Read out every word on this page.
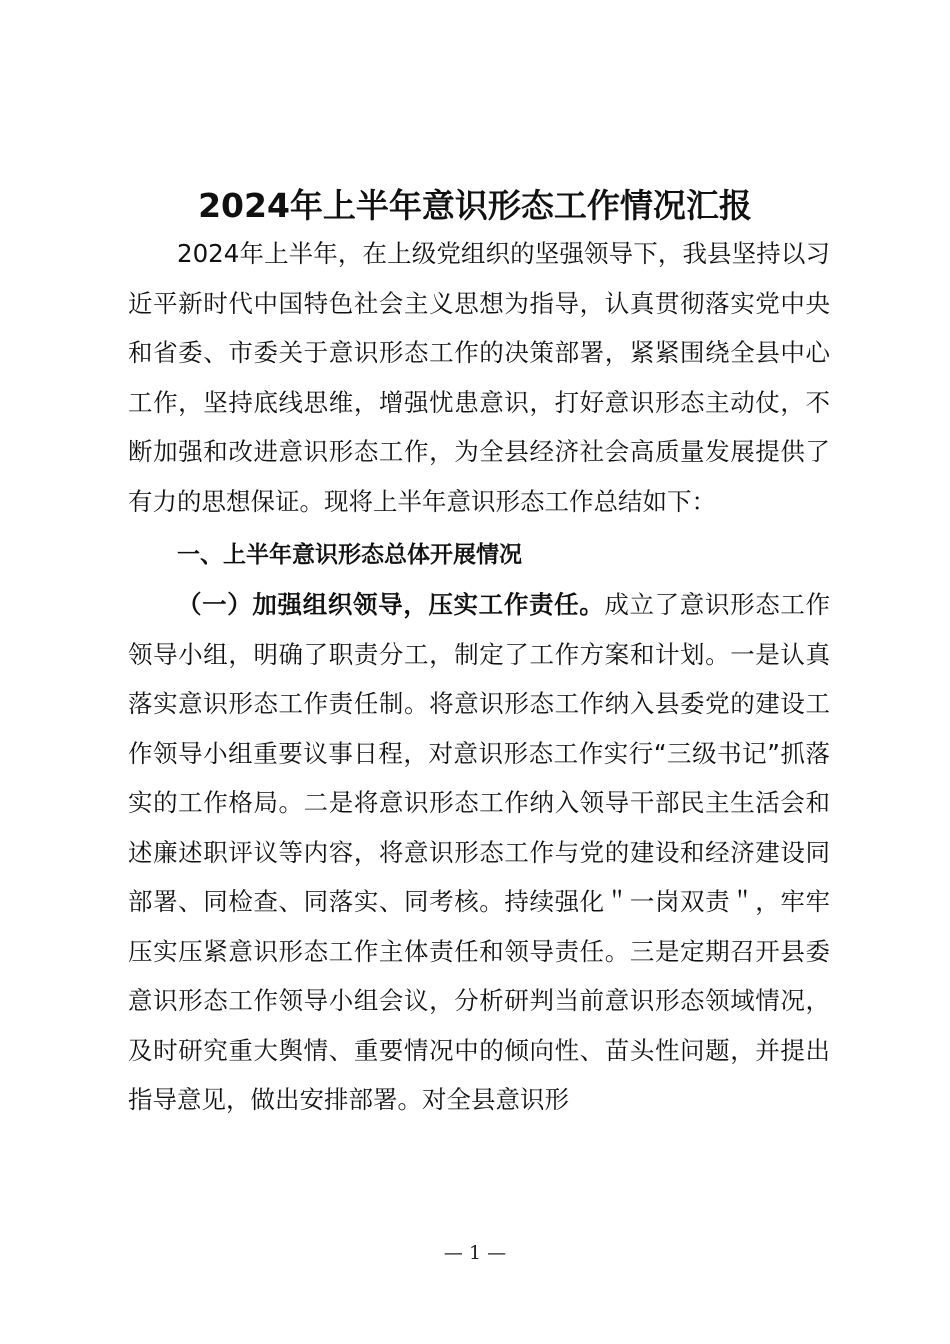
2024年上半年意识形态工作情况汇报

2024年上半年，在上级党组织的坚强领导下，我县坚持以习近平新时代中国特色社会主义思想为指导，认真贯彻落实党中央和省委、市委关于意识形态工作的决策部署，紧紧围绕全县中心工作，坚持底线思维，增强忧患意识，打好意识形态主动仗，不断加强和改进意识形态工作，为全县经济社会高质量发展提供了有力的思想保证。现将上半年意识形态工作总结如下：

一、上半年意识形态总体开展情况

（一）加强组织领导，压实工作责任。成立了意识形态工作领导小组，明确了职责分工，制定了工作方案和计划。一是认真落实意识形态工作责任制。将意识形态工作纳入县委党的建设工作领导小组重要议事日程，对意识形态工作实行“三级书记”抓落实的工作格局。二是将意识形态工作纳入领导干部民主生活会和述廉述职评议等内容，将意识形态工作与党的建设和经济建设同部署、同检查、同落实、同考核。持续强化＂一岗双责＂，牢牢压实压紧意识形态工作主体责任和领导责任。三是定期召开县委意识形态工作领导小组会议，分析研判当前意识形态领域情况，及时研究重大舆情、重要情况中的倾向性、苗头性问题，并提出指导意见，做出安排部署。对全县意识形

— 1 —
